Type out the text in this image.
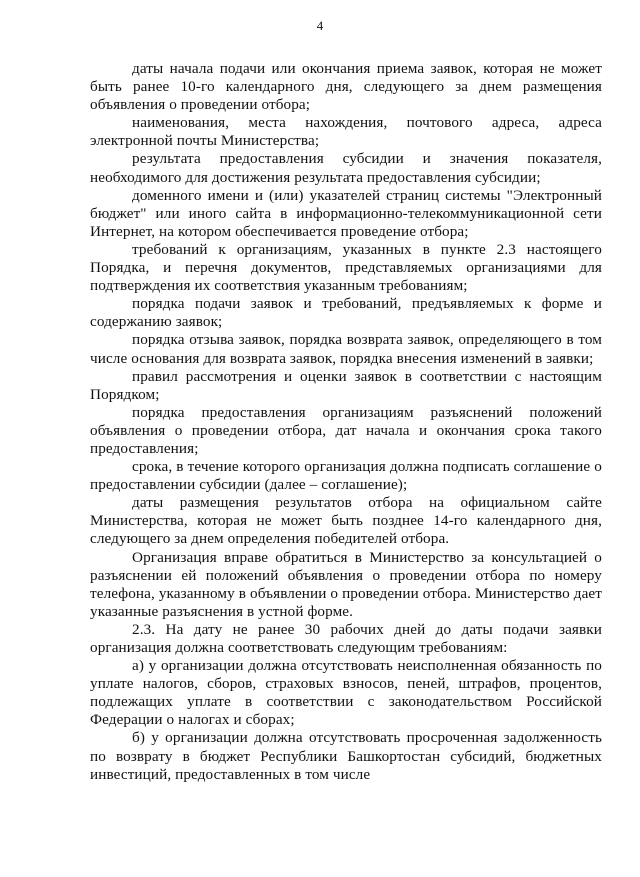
4

даты начала подачи или окончания приема заявок, которая не может быть ранее 10-го календарного дня, следующего за днем размещения объявления о проведении отбора;

наименования, места нахождения, почтового адреса, адреса электронной почты Министерства;

результата предоставления субсидии и значения показателя, необходимого для достижения результата предоставления субсидии;

доменного имени и (или) указателей страниц системы "Электронный бюджет" или иного сайта в информационно-телекоммуникационной сети Интернет, на котором обеспечивается проведение отбора;

требований к организациям, указанных в пункте 2.3 настоящего Порядка, и перечня документов, представляемых организациями для подтверждения их соответствия указанным требованиям;

порядка подачи заявок и требований, предъявляемых к форме и содержанию заявок;

порядка отзыва заявок, порядка возврата заявок, определяющего в том числе основания для возврата заявок, порядка внесения изменений в заявки;

правил рассмотрения и оценки заявок в соответствии с настоящим Порядком;

порядка предоставления организациям разъяснений положений объявления о проведении отбора, дат начала и окончания срока такого предоставления;

срока, в течение которого организация должна подписать соглашение о предоставлении субсидии (далее – соглашение);

даты размещения результатов отбора на официальном сайте Министерства, которая не может быть позднее 14-го календарного дня, следующего за днем определения победителей отбора.

Организация вправе обратиться в Министерство за консультацией о разъяснении ей положений объявления о проведении отбора по номеру телефона, указанному в объявлении о проведении отбора. Министерство дает указанные разъяснения в устной форме.

2.3. На дату не ранее 30 рабочих дней до даты подачи заявки организация должна соответствовать следующим требованиям:

а) у организации должна отсутствовать неисполненная обязанность по уплате налогов, сборов, страховых взносов, пеней, штрафов, процентов, подлежащих уплате в соответствии с законодательством Российской Федерации о налогах и сборах;

б) у организации должна отсутствовать просроченная задолженность по возврату в бюджет Республики Башкортостан субсидий, бюджетных инвестиций, предоставленных в том числе
